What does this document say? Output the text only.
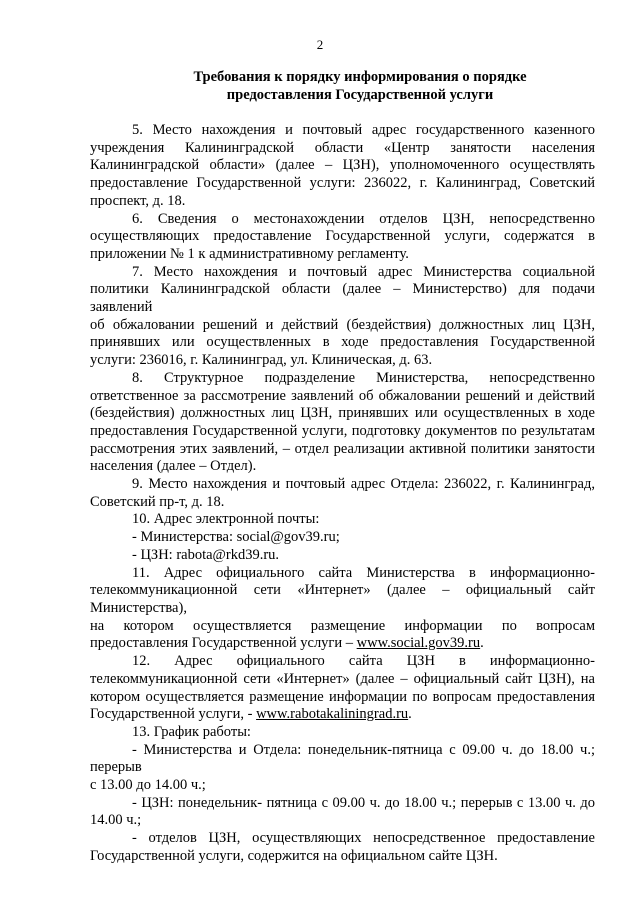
2
Требования к порядку информирования о порядке
предоставления Государственной услуги

5. Место нахождения и почтовый адрес государственного казенного учреждения Калининградской области «Центр занятости населения Калининградской области» (далее – ЦЗН), уполномоченного осуществлять предоставление Государственной услуги: 236022, г. Калининград, Советский проспект, д. 18.

6. Сведения о местонахождении отделов ЦЗН, непосредственно осуществляющих предоставление Государственной услуги, содержатся в приложении № 1 к административному регламенту.

7. Место нахождения и почтовый адрес Министерства социальной политики Калининградской области (далее – Министерство) для подачи заявлений

об обжаловании решений и действий (бездействия) должностных лиц ЦЗН, принявших или осуществленных в ходе предоставления Государственной услуги: 236016, г. Калининград, ул. Клиническая, д. 63.

8. Структурное подразделение Министерства, непосредственно ответственное за рассмотрение заявлений об обжаловании решений и действий (бездействия) должностных лиц ЦЗН, принявших или осуществленных в ходе предоставления Государственной услуги, подготовку документов по результатам рассмотрения этих заявлений, – отдел реализации активной политики занятости населения (далее – Отдел).

9. Место нахождения и почтовый адрес Отдела: 236022, г. Калининград, Советский пр-т, д. 18.

10. Адрес электронной почты:

- Министерства: social@gov39.ru;

- ЦЗН: rabota@rkd39.ru.

11. Адрес официального сайта Министерства в информационно-телекоммуникационной сети «Интернет» (далее – официальный сайт Министерства),

на котором осуществляется размещение информации по вопросам предоставления Государственной услуги – www.social.gov39.ru.

12. Адрес официального сайта ЦЗН в информационно-телекоммуникационной сети «Интернет» (далее – официальный сайт ЦЗН), на котором осуществляется размещение информации по вопросам предоставления Государственной услуги, - www.rabotakaliningrad.ru.

13. График работы:

- Министерства и Отдела: понедельник-пятница с 09.00 ч. до 18.00 ч.; перерыв

с 13.00 до 14.00 ч.;

- ЦЗН: понедельник- пятница с 09.00 ч. до 18.00 ч.; перерыв с 13.00 ч. до 14.00 ч.;

- отделов ЦЗН, осуществляющих непосредственное предоставление Государственной услуги, содержится на официальном сайте ЦЗН.
